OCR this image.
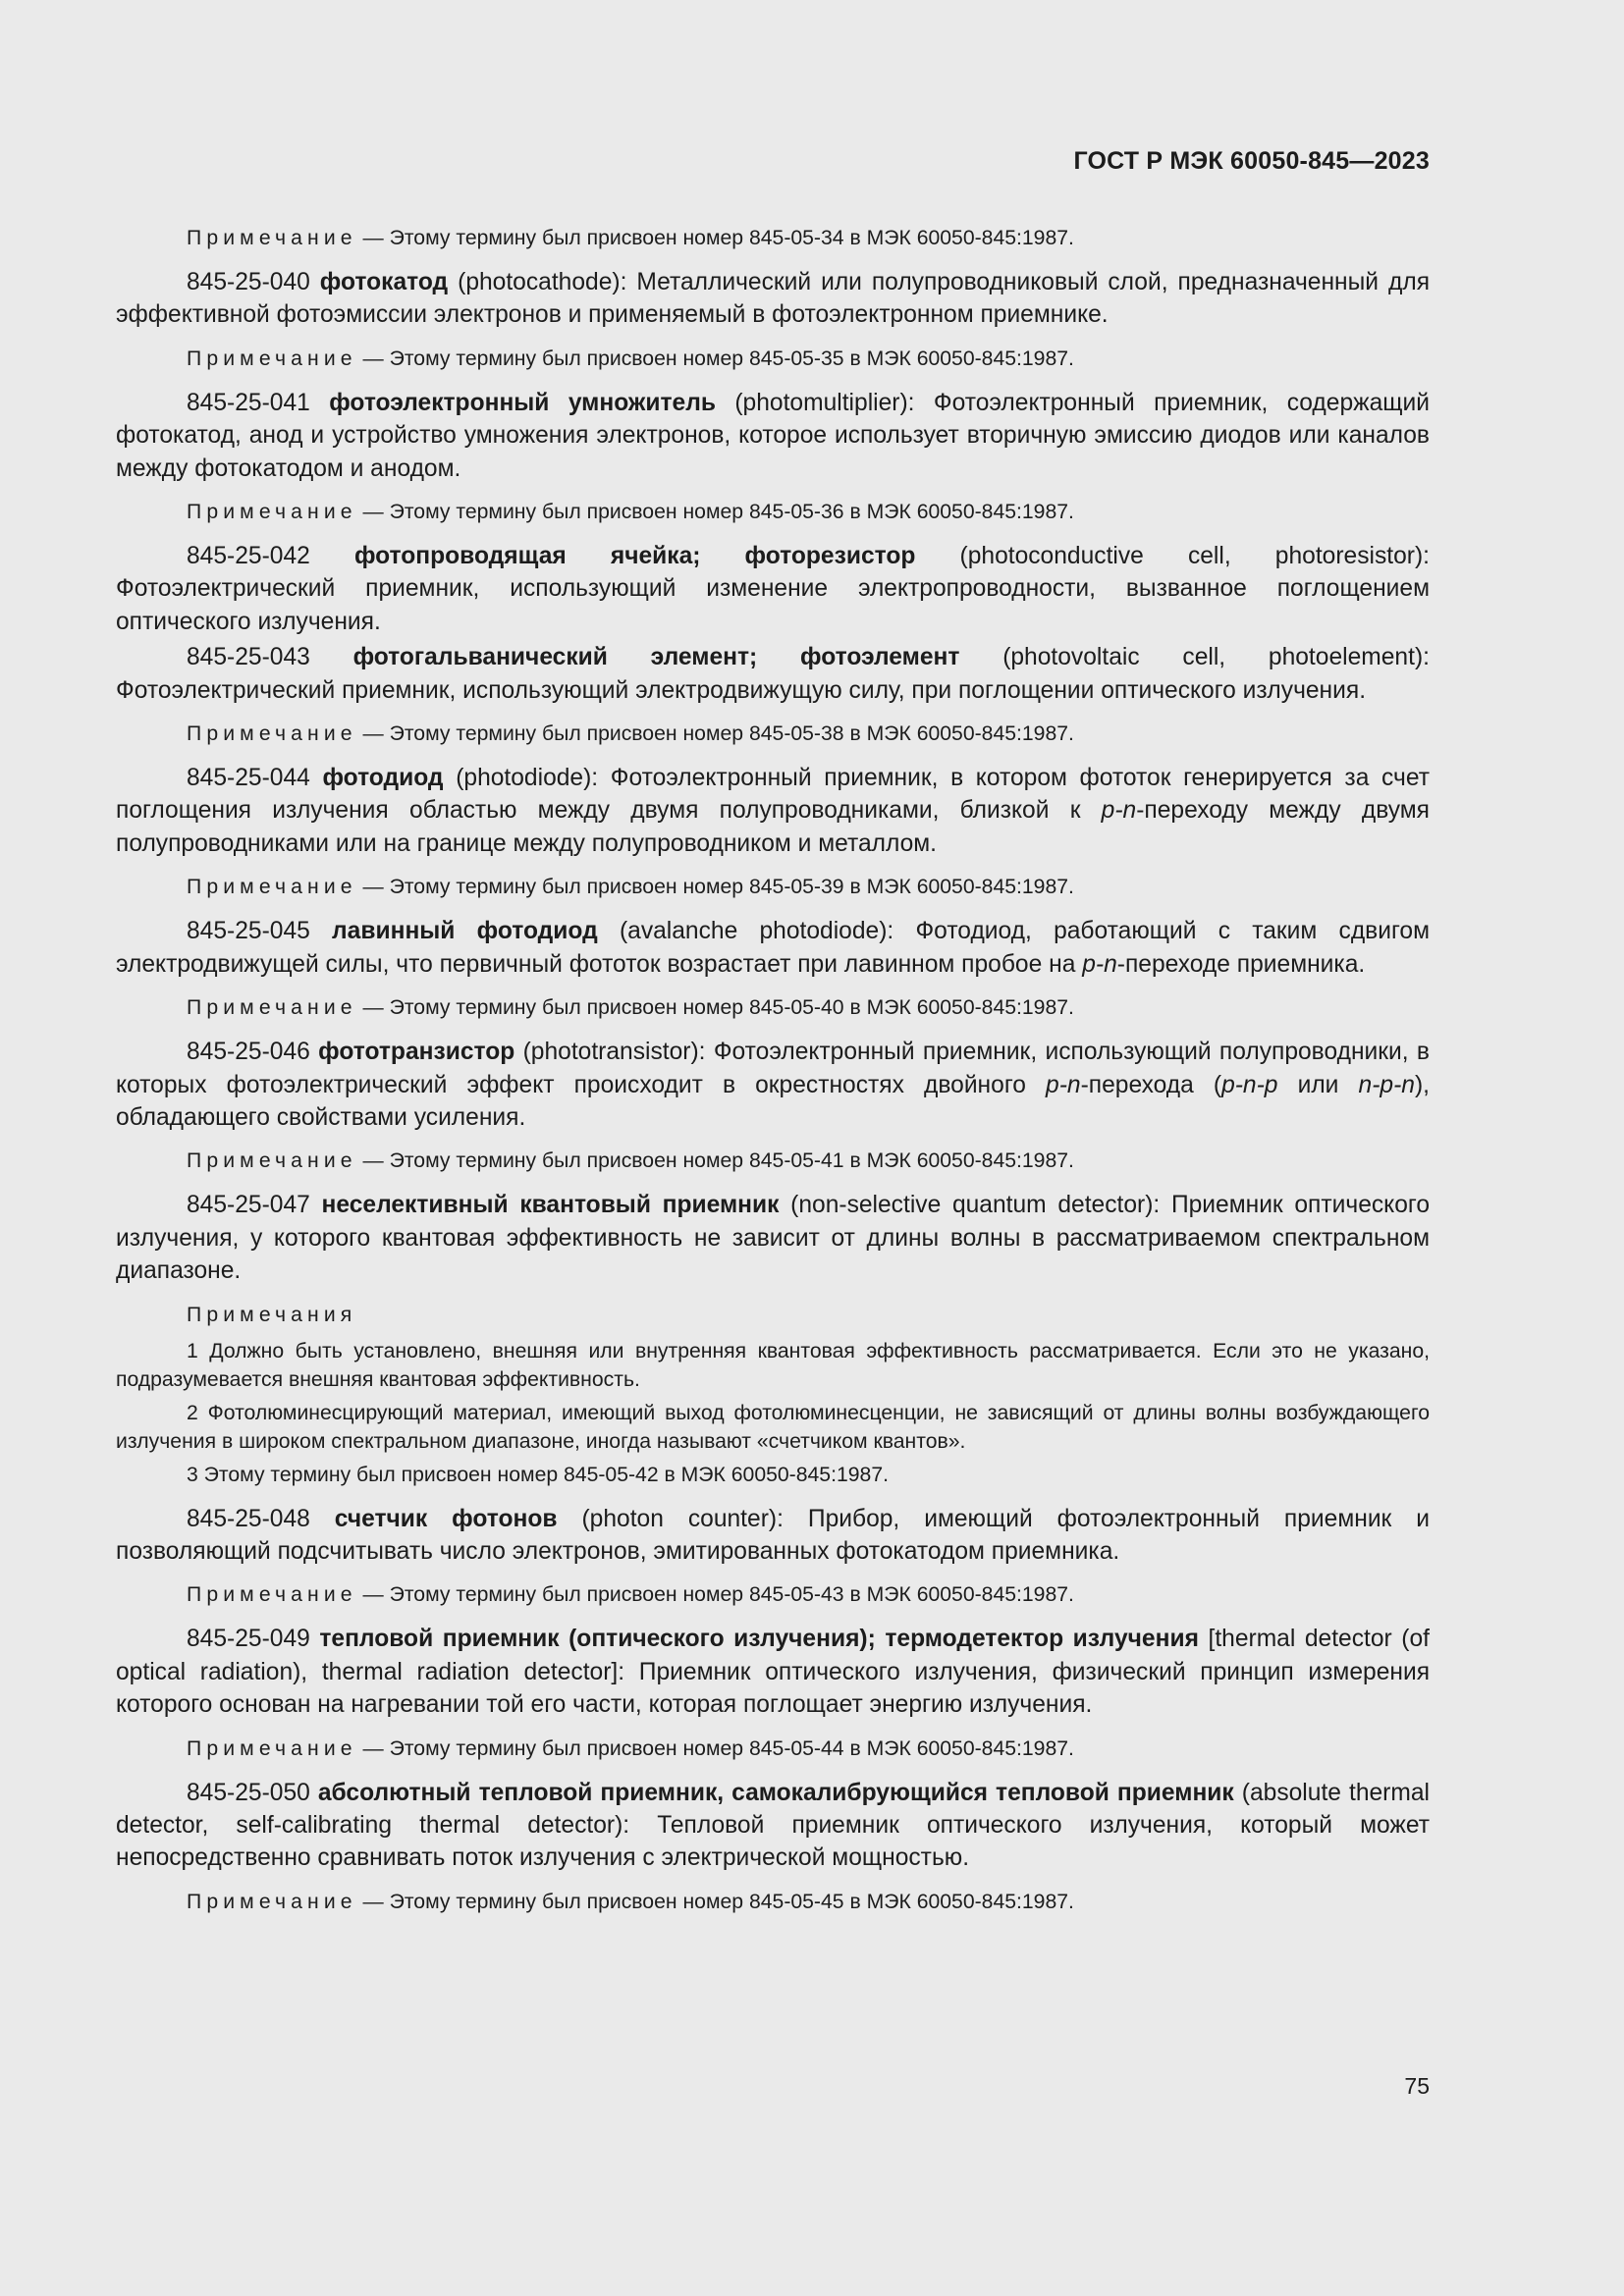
ГОСТ Р МЭК 60050-845—2023

Примечание — Этому термину был присвоен номер 845-05-34 в МЭК 60050-845:1987.

845-25-040 фотокатод (photocathode): Металлический или полупроводниковый слой, предназначенный для эффективной фотоэмиссии электронов и применяемый в фотоэлектронном приемнике.

Примечание — Этому термину был присвоен номер 845-05-35 в МЭК 60050-845:1987.

845-25-041 фотоэлектронный умножитель (photomultiplier): Фотоэлектронный приемник, содержащий фотокатод, анод и устройство умножения электронов, которое использует вторичную эмиссию диодов или каналов между фотокатодом и анодом.

Примечание — Этому термину был присвоен номер 845-05-36 в МЭК 60050-845:1987.

845-25-042 фотопроводящая ячейка; фоторезистор (photoconductive cell, photoresistor): Фотоэлектрический приемник, использующий изменение электропроводности, вызванное поглощением оптического излучения.

845-25-043 фотогальванический элемент; фотоэлемент (photovoltaic cell, photoelement): Фотоэлектрический приемник, использующий электродвижущую силу, при поглощении оптического излучения.

Примечание — Этому термину был присвоен номер 845-05-38 в МЭК 60050-845:1987.

845-25-044 фотодиод (photodiode): Фотоэлектронный приемник, в котором фототок генерируется за счет поглощения излучения областью между двумя полупроводниками, близкой к p-n-переходу между двумя полупроводниками или на границе между полупроводником и металлом.

Примечание — Этому термину был присвоен номер 845-05-39 в МЭК 60050-845:1987.

845-25-045 лавинный фотодиод (avalanche photodiode): Фотодиод, работающий с таким сдвигом электродвижущей силы, что первичный фототок возрастает при лавинном пробое на p-n-переходе приемника.

Примечание — Этому термину был присвоен номер 845-05-40 в МЭК 60050-845:1987.

845-25-046 фототранзистор (phototransistor): Фотоэлектронный приемник, использующий полупроводники, в которых фотоэлектрический эффект происходит в окрестностях двойного p-n-перехода (p-n-p или n-p-n), обладающего свойствами усиления.

Примечание — Этому термину был присвоен номер 845-05-41 в МЭК 60050-845:1987.

845-25-047 неселективный квантовый приемник (non-selective quantum detector): Приемник оптического излучения, у которого квантовая эффективность не зависит от длины волны в рассматриваемом спектральном диапазоне.

Примечания

1 Должно быть установлено, внешняя или внутренняя квантовая эффективность рассматривается. Если это не указано, подразумевается внешняя квантовая эффективность.

2 Фотолюминесцирующий материал, имеющий выход фотолюминесценции, не зависящий от длины волны возбуждающего излучения в широком спектральном диапазоне, иногда называют «счетчиком квантов».

3 Этому термину был присвоен номер 845-05-42 в МЭК 60050-845:1987.

845-25-048 счетчик фотонов (photon counter): Прибор, имеющий фотоэлектронный приемник и позволяющий подсчитывать число электронов, эмитированных фотокатодом приемника.

Примечание — Этому термину был присвоен номер 845-05-43 в МЭК 60050-845:1987.

845-25-049 тепловой приемник (оптического излучения); термодетектор излучения [thermal detector (of optical radiation), thermal radiation detector]: Приемник оптического излучения, физический принцип измерения которого основан на нагревании той его части, которая поглощает энергию излучения.

Примечание — Этому термину был присвоен номер 845-05-44 в МЭК 60050-845:1987.

845-25-050 абсолютный тепловой приемник, самокалибрующийся тепловой приемник (absolute thermal detector, self-calibrating thermal detector): Тепловой приемник оптического излучения, который может непосредственно сравнивать поток излучения с электрической мощностью.

Примечание — Этому термину был присвоен номер 845-05-45 в МЭК 60050-845:1987.

75
